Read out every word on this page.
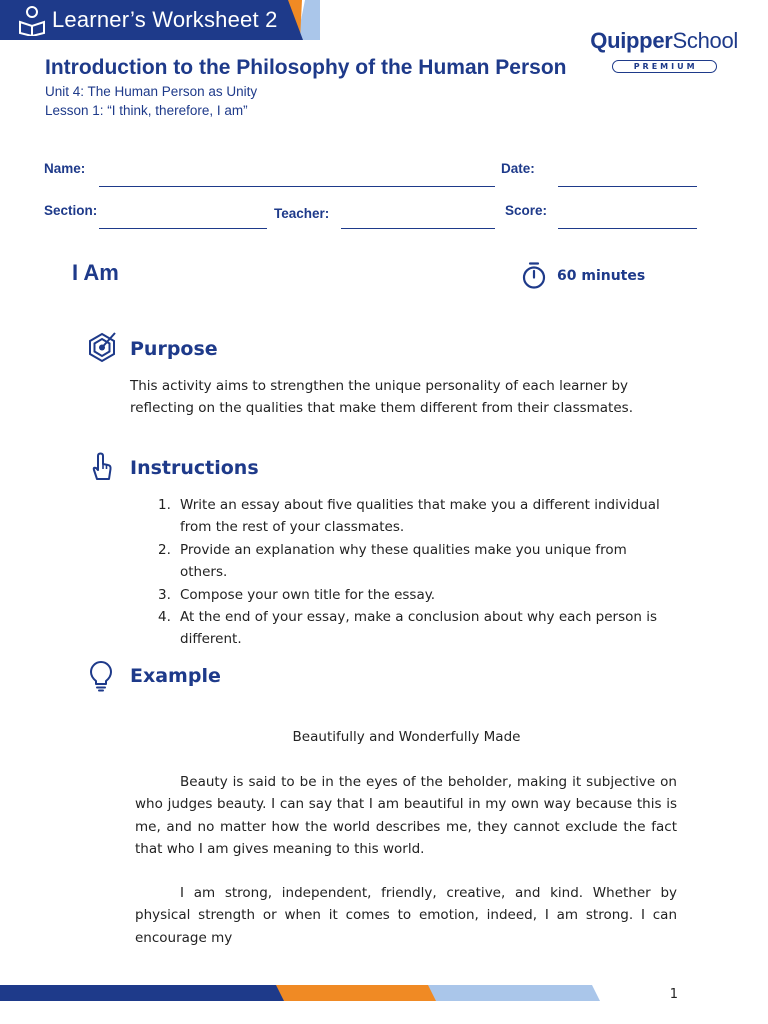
Learner’s Worksheet 2
QuipperSchool
PREMIUM
Introduction to the Philosophy of the Human Person
Unit 4: The Human Person as Unity
Lesson 1: “I think, therefore, I am”
Name:	Date:
Section:	Teacher:	Score:
I Am	60 minutes
Purpose
This activity aims to strengthen the unique personality of each learner by reflecting on the qualities that make them different from their classmates.
Instructions
1. Write an essay about five qualities that make you a different individual from the rest of your classmates.
2. Provide an explanation why these qualities make you unique from others.
3. Compose your own title for the essay.
4. At the end of your essay, make a conclusion about why each person is different.
Example
Beautifully and Wonderfully Made
Beauty is said to be in the eyes of the beholder, making it subjective on who judges beauty. I can say that I am beautiful in my own way because this is me, and no matter how the world describes me, they cannot exclude the fact that who I am gives meaning to this world.
I am strong, independent, friendly, creative, and kind. Whether by physical strength or when it comes to emotion, indeed, I am strong. I can encourage my
1
